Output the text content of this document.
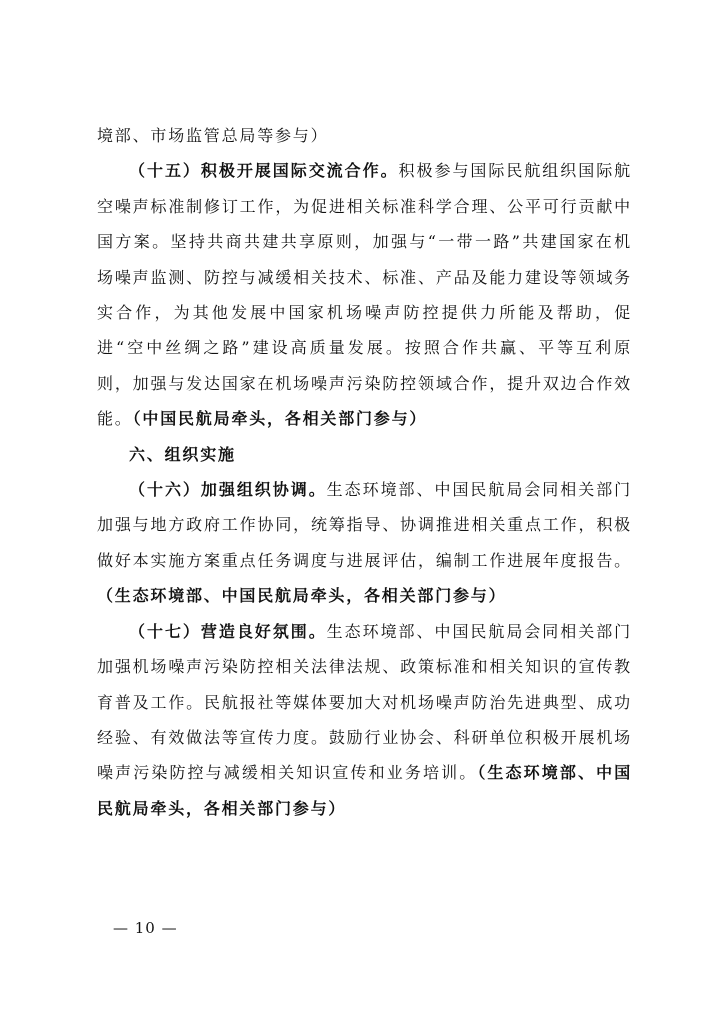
境部、市场监管总局等参与）

（十五）积极开展国际交流合作。积极参与国际民航组织国际航空噪声标准制修订工作，为促进相关标准科学合理、公平可行贡献中国方案。坚持共商共建共享原则，加强与“一带一路”共建国家在机场噪声监测、防控与减缓相关技术、标准、产品及能力建设等领域务实合作，为其他发展中国家机场噪声防控提供力所能及帮助，促进“空中丝绸之路”建设高质量发展。按照合作共赢、平等互利原则，加强与发达国家在机场噪声污染防控领域合作，提升双边合作效能。（中国民航局牵头，各相关部门参与）

六、组织实施

（十六）加强组织协调。生态环境部、中国民航局会同相关部门加强与地方政府工作协同，统筹指导、协调推进相关重点工作，积极做好本实施方案重点任务调度与进展评估，编制工作进展年度报告。（生态环境部、中国民航局牵头，各相关部门参与）

（十七）营造良好氛围。生态环境部、中国民航局会同相关部门加强机场噪声污染防控相关法律法规、政策标准和相关知识的宣传教育普及工作。民航报社等媒体要加大对机场噪声防治先进典型、成功经验、有效做法等宣传力度。鼓励行业协会、科研单位积极开展机场噪声污染防控与减缓相关知识宣传和业务培训。（生态环境部、中国民航局牵头，各相关部门参与）

— 10 —
